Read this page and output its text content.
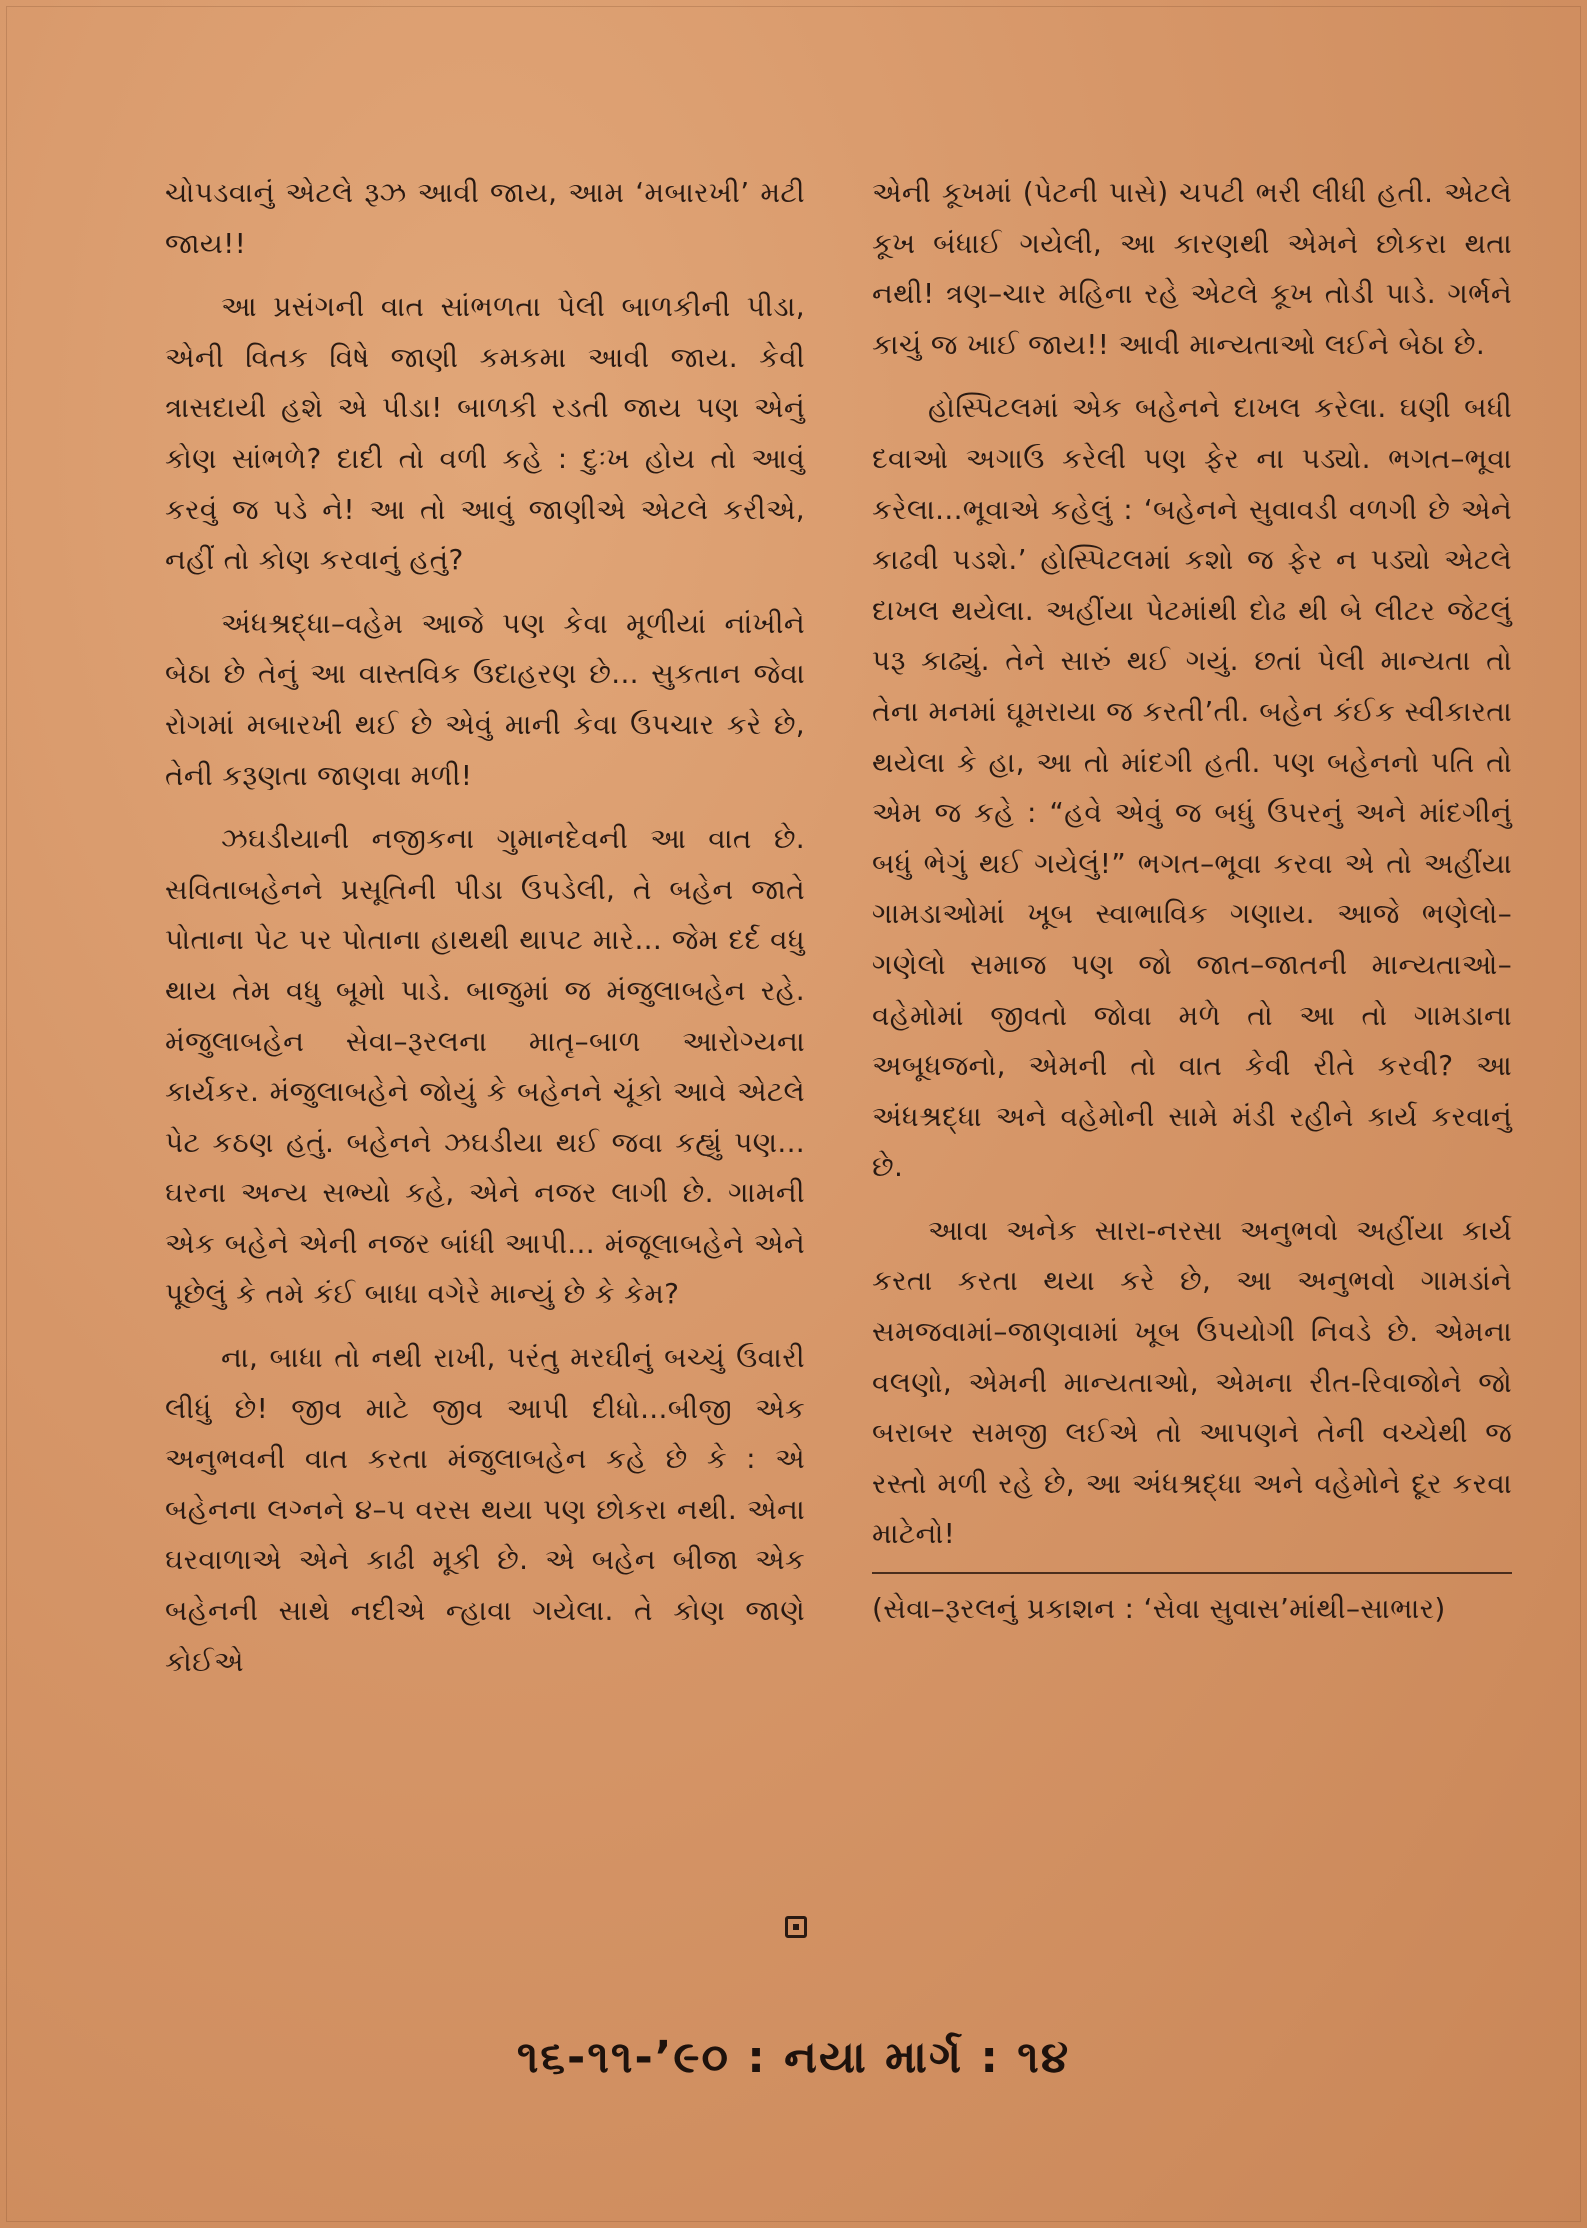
ચોપડવાનું એટલે રૂઝ આવી જાય, આમ ‘મબારખી’ મટી જાય!!

આ પ્રસંગની વાત સાંભળતા પેલી બાળકીની પીડા, એની વિતક વિષે જાણી કમકમા આવી જાય. કેવી ત્રાસદાયી હશે એ પીડા! બાળકી રડતી જાય પણ એનું કોણ સાંભળે? દાદી તો વળી કહે : દુઃખ હોય તો આવું કરવું જ પડે ને! આ તો આવું જાણીએ એટલે કરીએ, નહીં તો કોણ કરવાનું હતું?

અંધશ્રદ્ધા–વહેમ આજે પણ કેવા મૂળીયાં નાંખીને બેઠા છે તેનું આ વાસ્તવિક ઉદાહરણ છે... સુકતાન જેવા રોગમાં મબારખી થઈ છે એવું માની કેવા ઉપચાર કરે છે, તેની કરૂણતા જાણવા મળી!

ઝઘડીયાની નજીકના ગુમાનદેવની આ વાત છે. સવિતાબહેનને પ્રસૂતિની પીડા ઉપડેલી, તે બહેન જાતે પોતાના પેટ પર પોતાના હાથથી થાપટ મારે... જેમ દર્દ વધુ થાય તેમ વધુ બૂમો પાડે. બાજુમાં જ મંજુલાબહેન રહે. મંજુલાબહેન સેવા–રૂરલના માતૃ–બાળ આરોગ્યના કાર્યકર. મંજુલાબહેને જોયું કે બહેનને ચૂંકો આવે એટલે પેટ કઠણ હતું. બહેનને ઝઘડીયા થઈ જવા કહ્યું પણ... ઘરના અન્ય સભ્યો કહે, એને નજર લાગી છે. ગામની એક બહેને એની નજર બાંધી આપી... મંજૂલાબહેને એને પૂછેલું કે તમે કંઈ બાધા વગેરે માન્યું છે કે કેમ?

ના, બાધા તો નથી રાખી, પરંતુ મરઘીનું બચ્ચું ઉવારી લીધું છે! જીવ માટે જીવ આપી દીધો...બીજી એક અનુભવની વાત કરતા મંજુલાબહેન કહે છે કે : એ બહેનના લગ્નને ૪–૫ વરસ થયા પણ છોકરા નથી. એના ઘરવાળાએ એને કાઢી મૂકી છે. એ બહેન બીજા એક બહેનની સાથે નદીએ ન્હાવા ગયેલા. તે કોણ જાણે કોઈએ

એની કૂખમાં (પેટની પાસે) ચપટી ભરી લીધી હતી. એટલે કૂખ બંધાઈ ગયેલી, આ કારણથી એમને છોકરા થતા નથી! ત્રણ–ચાર મહિના રહે એટલે કૂખ તોડી પાડે. ગર્ભને કાચું જ ખાઈ જાય!! આવી માન્યતાઓ લઈને બેઠા છે.

હોસ્પિટલમાં એક બહેનને દાખલ કરેલા. ઘણી બધી દવાઓ અગાઉ કરેલી પણ ફેર ના પડ્યો. ભગત–ભૂવા કરેલા...ભૂવાએ કહેલું : ‘બહેનને સુવાવડી વળગી છે એને કાઢવી પડશે.’ હોસ્પિટલમાં કશો જ ફેર ન પડ્યો એટલે દાખલ થયેલા. અહીંયા પેટમાંથી દોઢ થી બે લીટર જેટલું પરૂ કાઢ્યું. તેને સારું થઈ ગયું. છતાં પેલી માન્યતા તો તેના મનમાં ઘૂમરાયા જ કરતી’તી. બહેન કંઈક સ્વીકારતા થયેલા કે હા, આ તો માંદગી હતી. પણ બહેનનો પતિ તો એમ જ કહે : “હવે એવું જ બધું ઉપરનું અને માંદગીનું બધું ભેગું થઈ ગયેલું!” ભગત–ભૂવા કરવા એ તો અહીંયા ગામડાઓમાં ખૂબ સ્વાભાવિક ગણાય. આજે ભણેલો–ગણેલો સમાજ પણ જો જાત–જાતની માન્યતાઓ–વહેમોમાં જીવતો જોવા મળે તો આ તો ગામડાના અબૂધજનો, એમની તો વાત કેવી રીતે કરવી? આ અંધશ્રદ્ધા અને વહેમોની સામે મંડી રહીને કાર્ય કરવાનું છે.

આવા અનેક સારા-નરસા અનુભવો અહીંયા કાર્ય કરતા કરતા થયા કરે છે, આ અનુભવો ગામડાંને સમજવામાં–જાણવામાં ખૂબ ઉપયોગી નિવડે છે. એમના વલણો, એમની માન્યતાઓ, એમના રીત-રિવાજોને જો બરાબર સમજી લઈએ તો આપણને તેની વચ્ચેથી જ રસ્તો મળી રહે છે, આ અંધશ્રદ્ધા અને વહેમોને દૂર કરવા માટેનો!

(સેવા–રૂરલનું પ્રકાશન : ‘સેવા સુવાસ’માંથી–સાભાર)

૧૬-૧૧-’૯૦ : નયા માર્ગ : ૧૪
